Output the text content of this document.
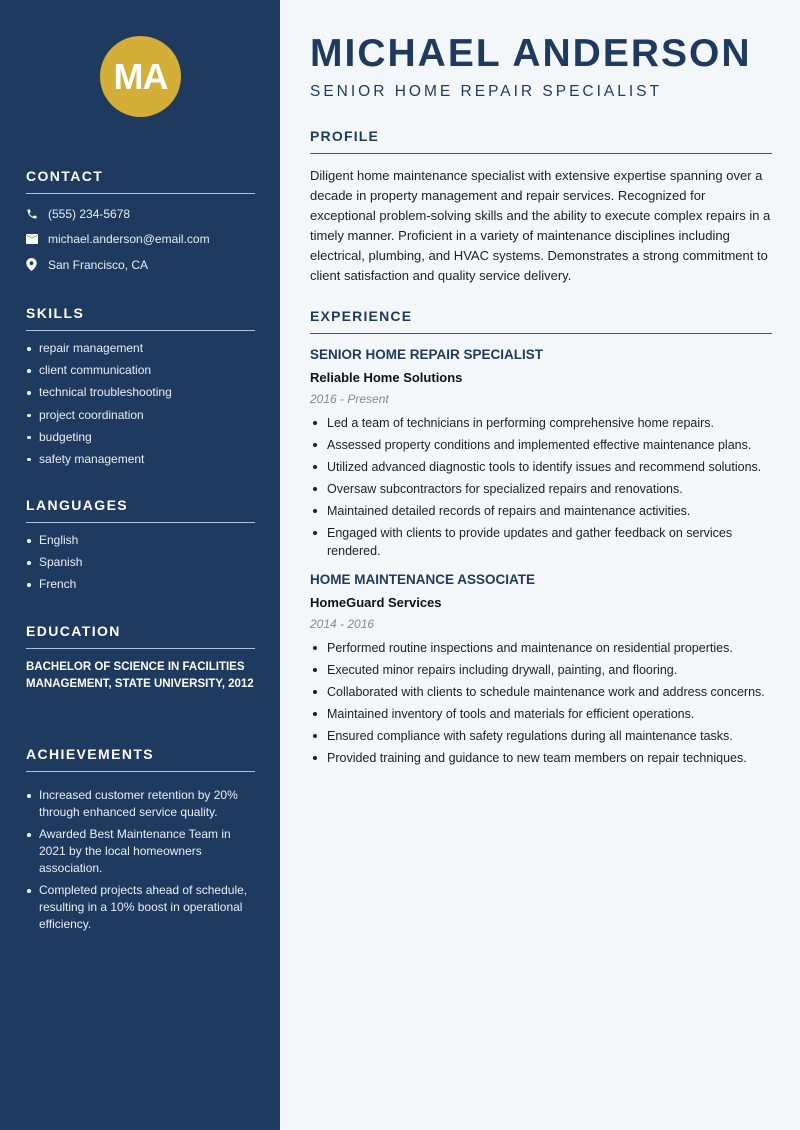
MA
CONTACT
(555) 234-5678
michael.anderson@email.com
San Francisco, CA
SKILLS
repair management
client communication
technical troubleshooting
project coordination
budgeting
safety management
LANGUAGES
English
Spanish
French
EDUCATION
BACHELOR OF SCIENCE IN FACILITIES MANAGEMENT, STATE UNIVERSITY, 2012
ACHIEVEMENTS
Increased customer retention by 20% through enhanced service quality.
Awarded Best Maintenance Team in 2021 by the local homeowners association.
Completed projects ahead of schedule, resulting in a 10% boost in operational efficiency.
MICHAEL ANDERSON
SENIOR HOME REPAIR SPECIALIST
PROFILE

Diligent home maintenance specialist with extensive expertise spanning over a decade in property management and repair services. Recognized for exceptional problem-solving skills and the ability to execute complex repairs in a timely manner. Proficient in a variety of maintenance disciplines including electrical, plumbing, and HVAC systems. Demonstrates a strong commitment to client satisfaction and quality service delivery.

EXPERIENCE
SENIOR HOME REPAIR SPECIALIST
Reliable Home Solutions
2016 - Present
Led a team of technicians in performing comprehensive home repairs.
Assessed property conditions and implemented effective maintenance plans.
Utilized advanced diagnostic tools to identify issues and recommend solutions.
Oversaw subcontractors for specialized repairs and renovations.
Maintained detailed records of repairs and maintenance activities.
Engaged with clients to provide updates and gather feedback on services rendered.
HOME MAINTENANCE ASSOCIATE
HomeGuard Services
2014 - 2016
Performed routine inspections and maintenance on residential properties.
Executed minor repairs including drywall, painting, and flooring.
Collaborated with clients to schedule maintenance work and address concerns.
Maintained inventory of tools and materials for efficient operations.
Ensured compliance with safety regulations during all maintenance tasks.
Provided training and guidance to new team members on repair techniques.
